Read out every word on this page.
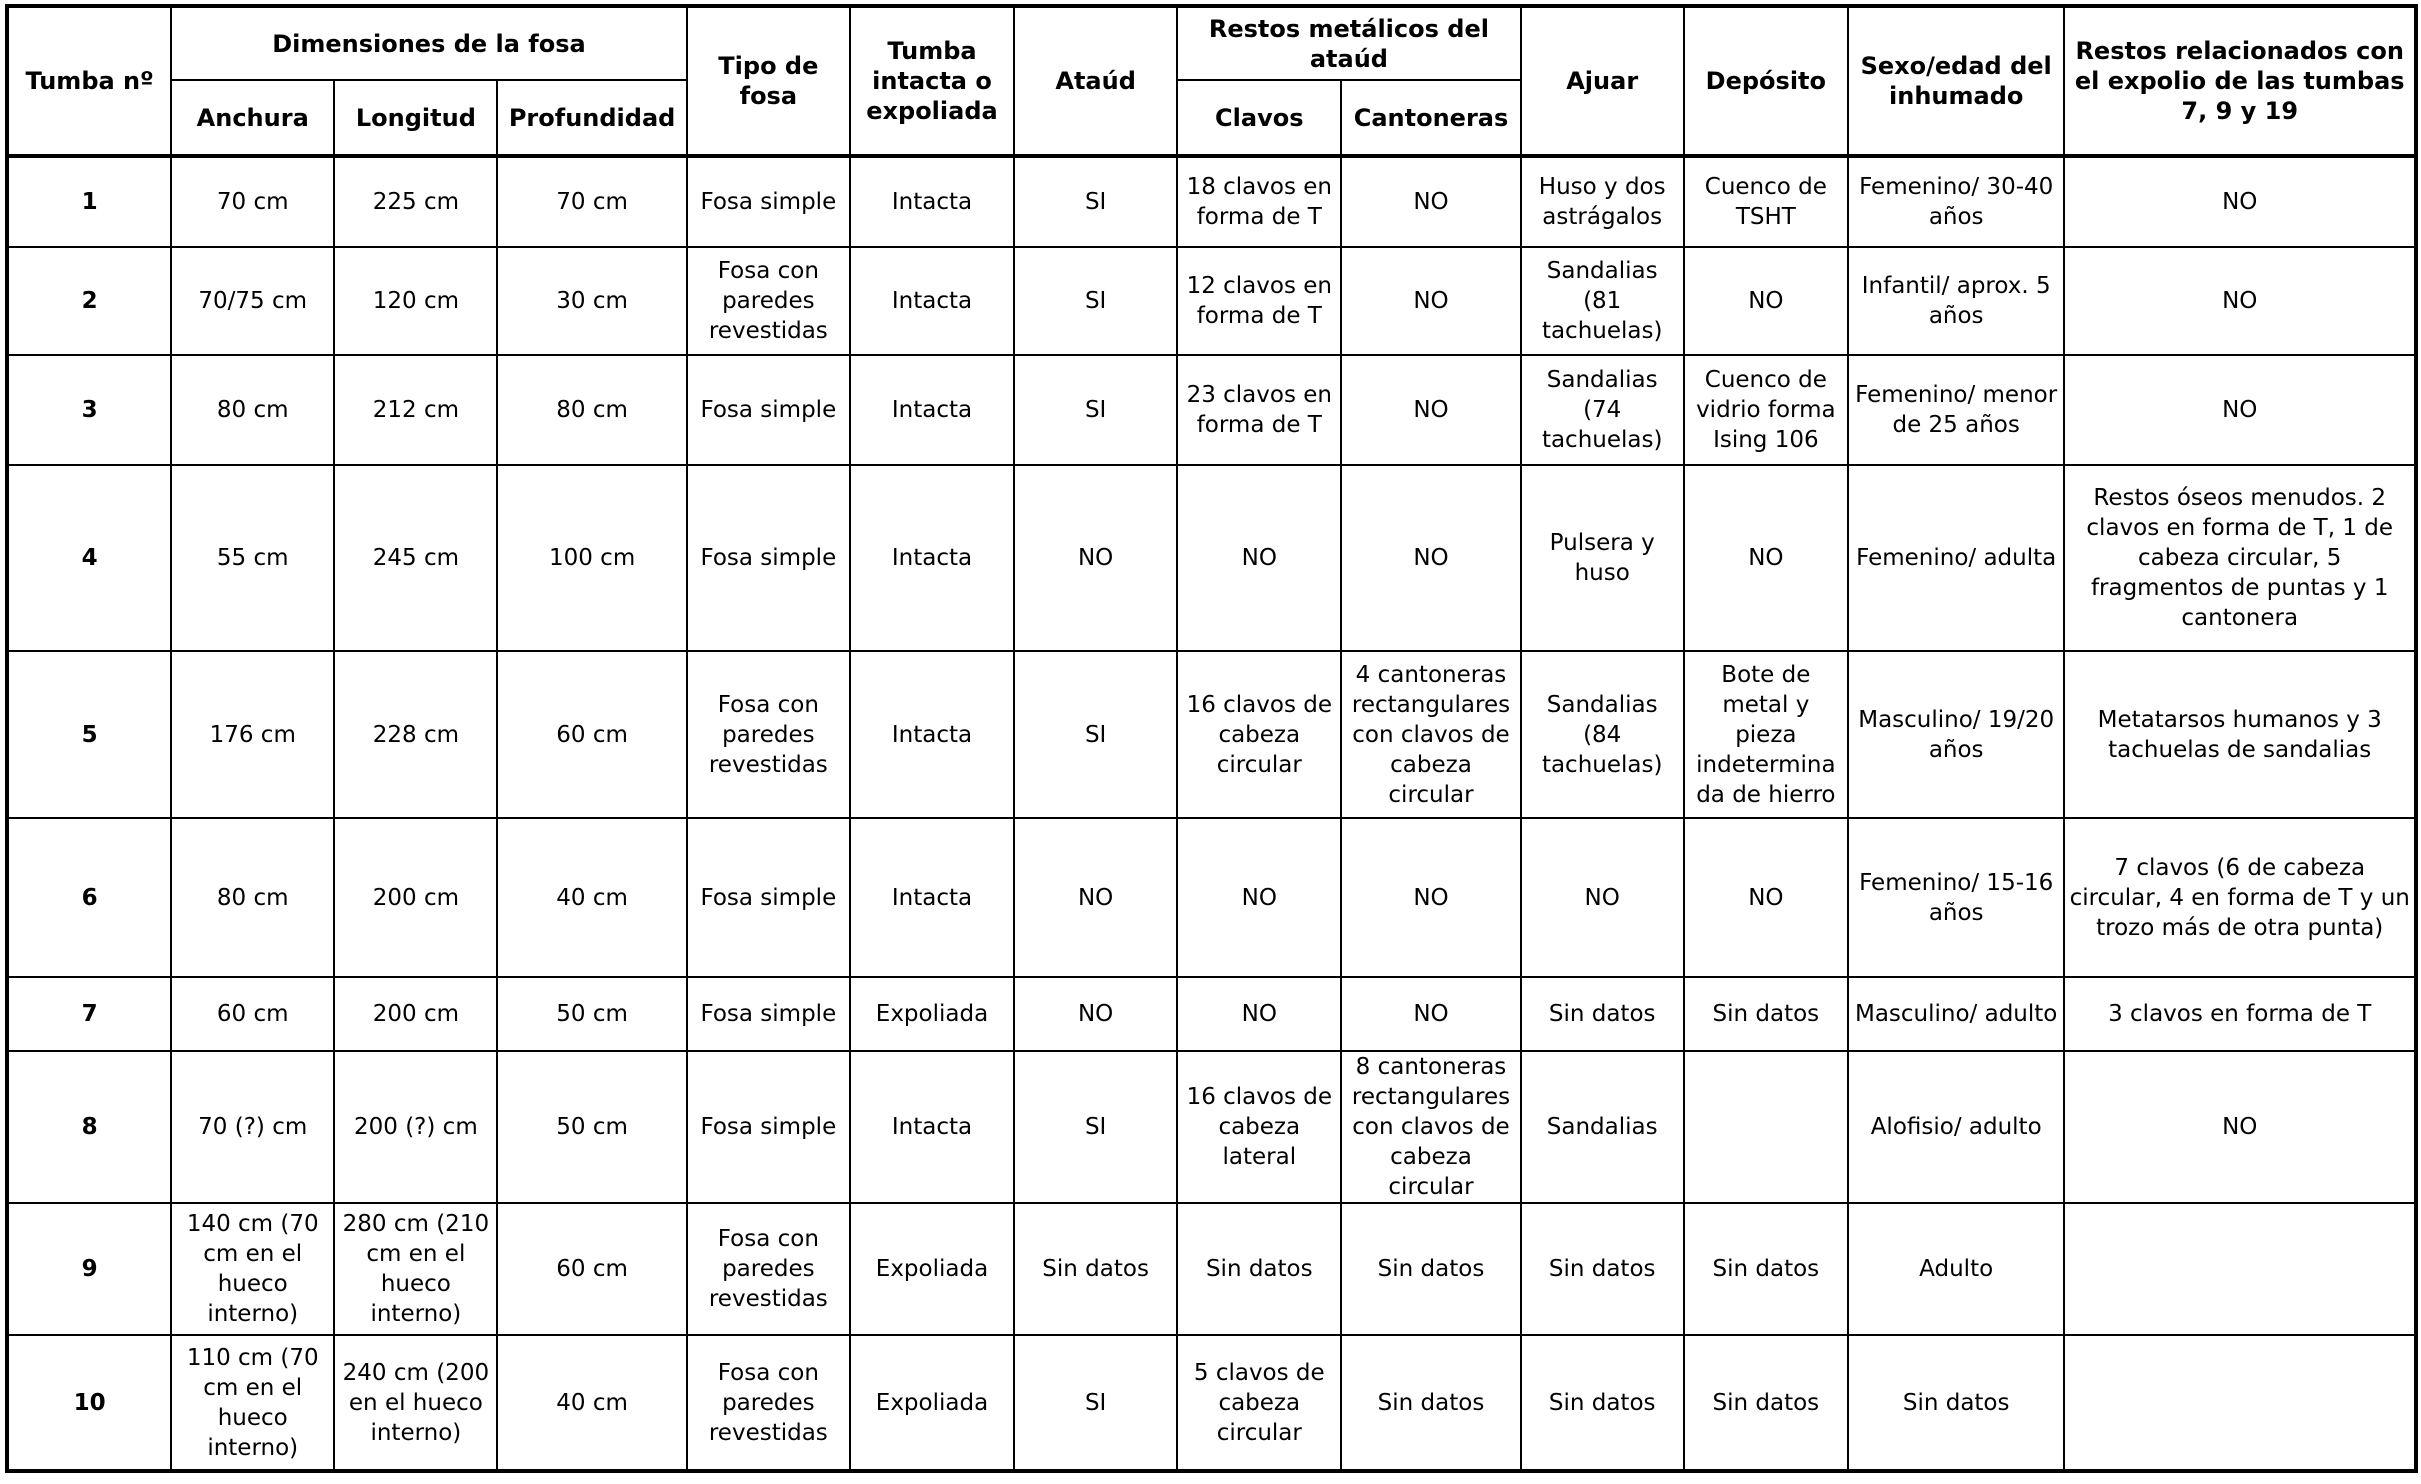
Tumba nº	Dimensiones de la fosa			Tipo de fosa	Tumba intacta o expoliada	Ataúd	Restos metálicos del ataúd		Ajuar	Depósito	Sexo/edad del inhumado	Restos relacionados con el expolio de las tumbas 7, 9 y 19
	Anchura	Longitud	Profundidad				Clavos	Cantoneras				
1	70 cm	225 cm	70 cm	Fosa simple	Intacta	SI	18 clavos en forma de T	NO	Huso y dos astrágalos	Cuenco de TSHT	Femenino/ 30-40 años	NO
2	70/75 cm	120 cm	30 cm	Fosa con paredes revestidas	Intacta	SI	12 clavos en forma de T	NO	Sandalias (81 tachuelas)	NO	Infantil/ aprox. 5 años	NO
3	80 cm	212 cm	80 cm	Fosa simple	Intacta	SI	23 clavos en forma de T	NO	Sandalias (74 tachuelas)	Cuenco de vidrio forma Ising 106	Femenino/ menor de 25 años	NO
4	55 cm	245 cm	100 cm	Fosa simple	Intacta	NO	NO	NO	Pulsera y huso	NO	Femenino/ adulta	Restos óseos menudos. 2 clavos en forma de T, 1 de cabeza circular, 5 fragmentos de puntas y 1 cantonera
5	176 cm	228 cm	60 cm	Fosa con paredes revestidas	Intacta	SI	16 clavos de cabeza circular	4 cantoneras rectangulares con clavos de cabeza circular	Sandalias (84 tachuelas)	Bote de metal y pieza indetermina da de hierro	Masculino/ 19/20 años	Metatarsos humanos y 3 tachuelas de sandalias
6	80 cm	200 cm	40 cm	Fosa simple	Intacta	NO	NO	NO	NO	NO	Femenino/ 15-16 años	7 clavos (6 de cabeza circular, 4 en forma de T y un trozo más de otra punta)
7	60 cm	200 cm	50 cm	Fosa simple	Expoliada	NO	NO	NO	Sin datos	Sin datos	Masculino/ adulto	3 clavos en forma de T
8	70 (?) cm	200 (?) cm	50 cm	Fosa simple	Intacta	SI	16 clavos de cabeza lateral	8 cantoneras rectangulares con clavos de cabeza circular	Sandalias		Alofisio/ adulto	NO
9	140 cm (70 cm en el hueco interno)	280 cm (210 cm en el hueco interno)	60 cm	Fosa con paredes revestidas	Expoliada	Sin datos	Sin datos	Sin datos	Sin datos	Sin datos	Adulto	
10	110 cm (70 cm en el hueco interno)	240 cm (200 en el hueco interno)	40 cm	Fosa con paredes revestidas	Expoliada	SI	5 clavos de cabeza circular	Sin datos	Sin datos	Sin datos	Sin datos	
